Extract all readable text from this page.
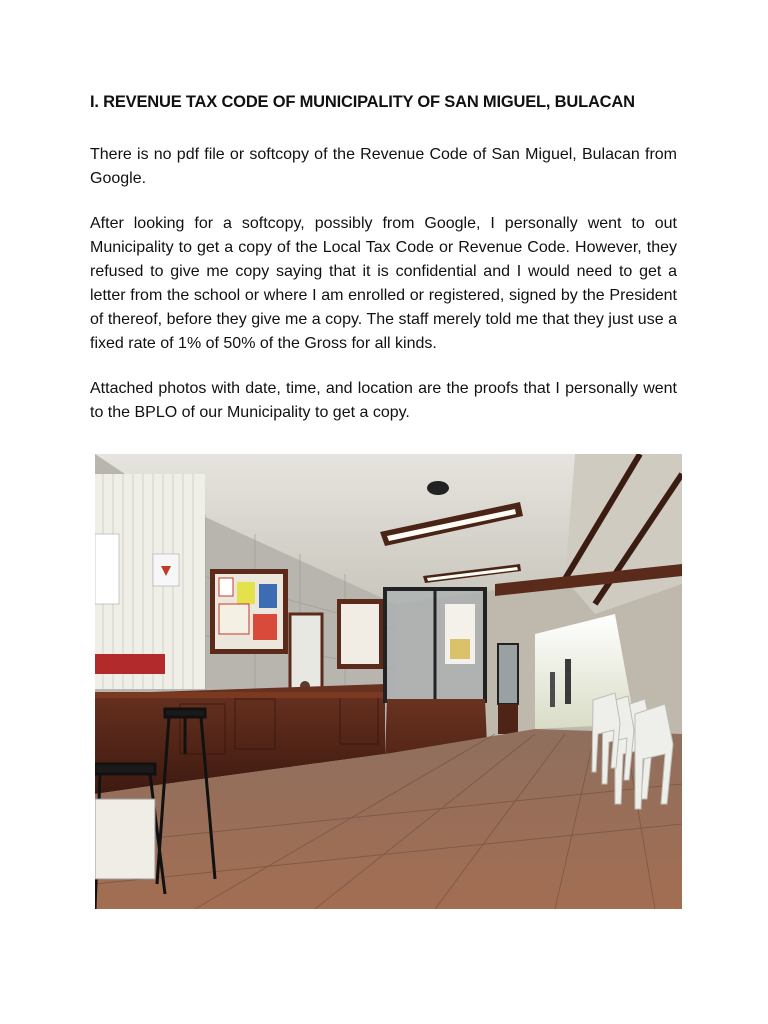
I. REVENUE TAX CODE OF MUNICIPALITY OF SAN MIGUEL, BULACAN
There is no pdf file or softcopy of the Revenue Code of San Miguel, Bulacan from Google.
After looking for a softcopy, possibly from Google, I personally went to out Municipality to get a copy of the Local Tax Code or Revenue Code. However, they refused to give me copy saying that it is confidential and I would need to get a letter from the school or where I am enrolled or registered, signed by the President of thereof, before they give me a copy. The staff merely told me that they just use a fixed rate of 1% of 50% of the Gross for all kinds.
Attached photos with date, time, and location are the proofs that I personally went to the BPLO of our Municipality to get a copy.
